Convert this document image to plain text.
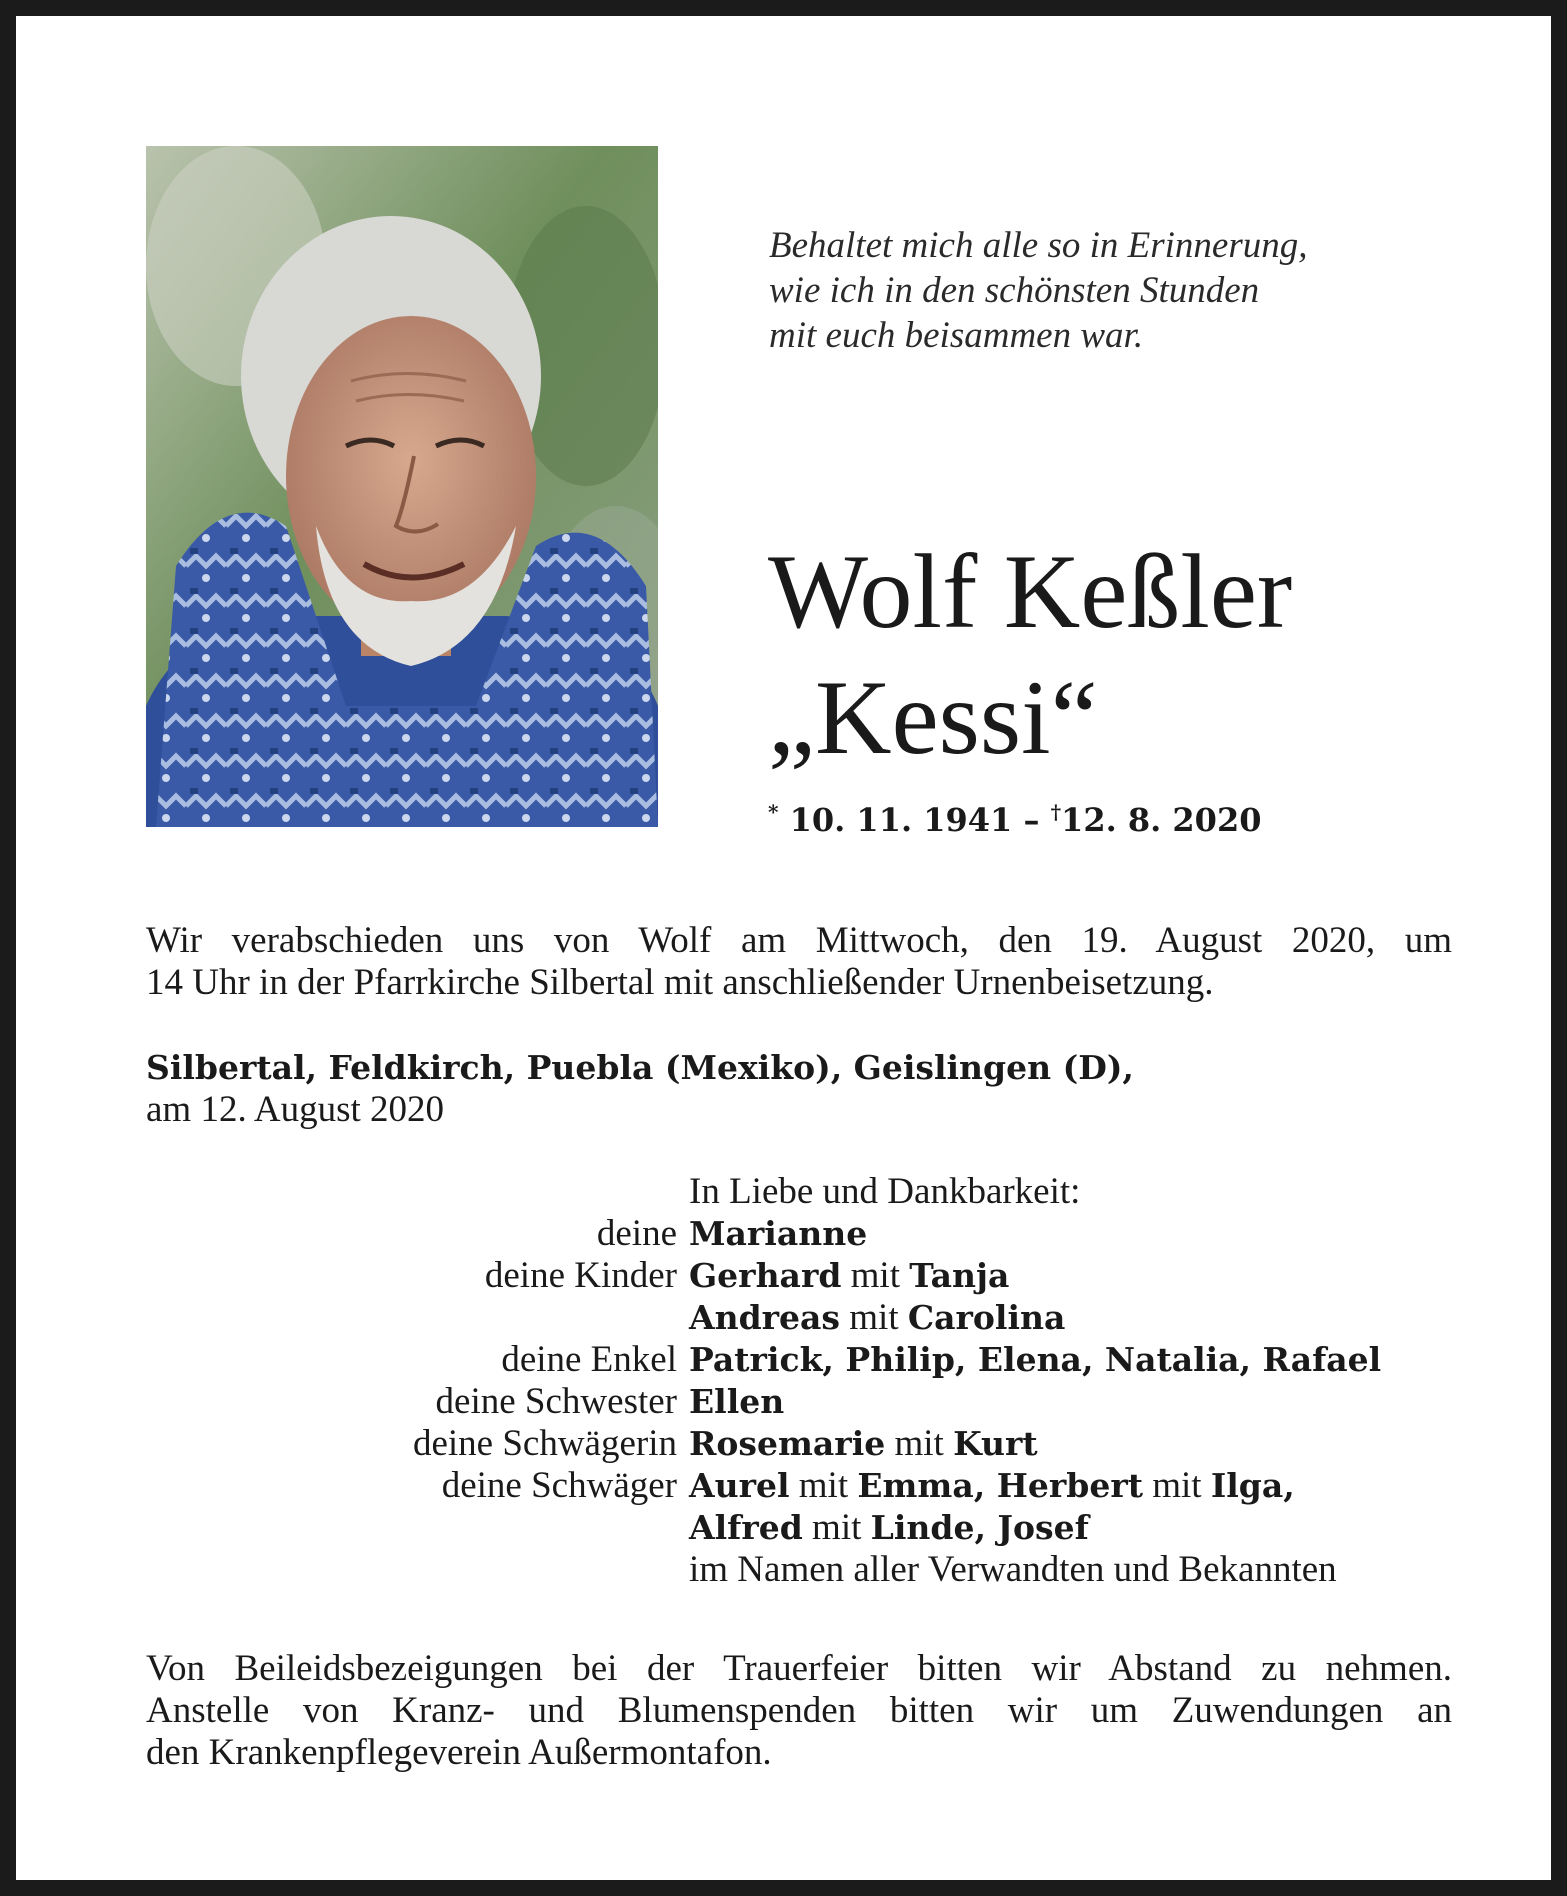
Behaltet mich alle so in Erinnerung,
wie ich in den schönsten Stunden
mit euch beisammen war.
Wolf Keßler
„Kessi“
* 10. 11. 1941 – †12. 8. 2020
Wir verabschieden uns von Wolf am Mittwoch, den 19. August 2020, um
14 Uhr in der Pfarrkirche Silbertal mit anschließender Urnenbeisetzung.
Silbertal, Feldkirch, Puebla (Mexiko), Geislingen (D),
am 12. August 2020
In Liebe und Dankbarkeit:
deine Marianne
deine Kinder Gerhard mit Tanja
Andreas mit Carolina
deine Enkel Patrick, Philip, Elena, Natalia, Rafael
deine Schwester Ellen
deine Schwägerin Rosemarie mit Kurt
deine Schwäger Aurel mit Emma, Herbert mit Ilga,
Alfred mit Linde, Josef
im Namen aller Verwandten und Bekannten
Von Beileidsbezeigungen bei der Trauerfeier bitten wir Abstand zu nehmen.
Anstelle von Kranz- und Blumenspenden bitten wir um Zuwendungen an
den Krankenpflegeverein Außermontafon.
